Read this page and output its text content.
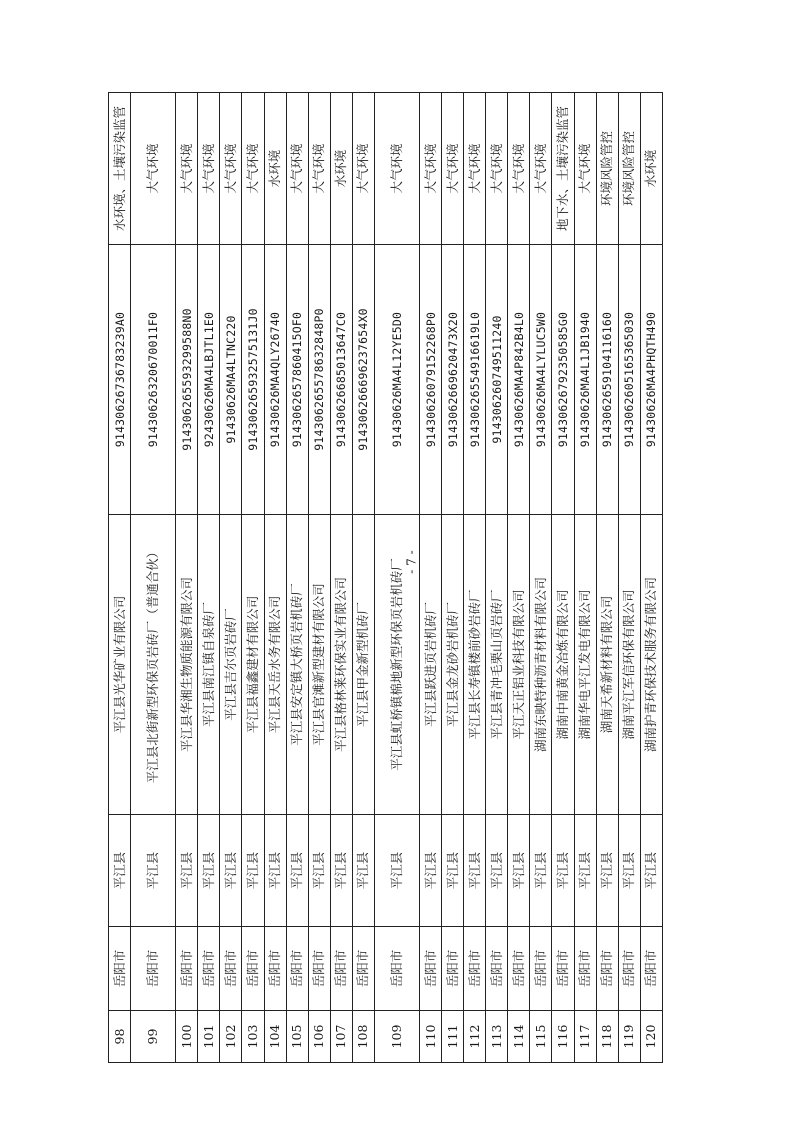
98	岳阳市	平江县	平江县光华矿业有限公司	91430626736783239A0	水环境、土壤污染监管
99	岳阳市	平江县	平江县北街新型环保页岩砖厂（普通合伙）	91430626320670011F0	大气环境
100	岳阳市	平江县	平江县华湘生物质能源有限公司	914306265593299588N0	大气环境
101	岳阳市	平江县	平江县南江镇自泉砖厂	92430626MA4LBJTL1E0	大气环境
102	岳阳市	平江县	平江县吉尔页岩砖厂	91430626MA4LTNC220	大气环境
103	岳阳市	平江县	平江县福鑫建材有限公司	914306265932575131J0	大气环境
104	岳阳市	平江县	平江县天岳水务有限公司	91430626MA4QLY26740	水环境
105	岳阳市	平江县	平江县安定镇大桥页岩机砖厂	9143062657860415OF0	大气环境
106	岳阳市	平江县	平江县官滩新型建材有限公司	914306265578632848P0	大气环境
107	岳阳市	平江县	平江县格林莱环保实业有限公司	91430626685013647C0	水环境
108	岳阳市	平江县	平江县甲金新型机砖厂	914306266696237654X0	大气环境
109	岳阳市	平江县	平江县虹桥镇棉地新型环保页岩机砖厂	91430626MA4L12YE5D0	大气环境
110	岳阳市	平江县	平江县跃进页岩机砖厂	91430626079152268P0	大气环境
111	岳阳市	平江县	平江县金龙砂岩机砖厂	9143062669620473X20	大气环境
112	岳阳市	平江县	平江县长寿镇楼前砂岩砖厂	91430626554916619L0	大气环境
113	岳阳市	平江县	平江县青冲毛栗山页岩砖厂	914306260749511240	大气环境
114	岳阳市	平江县	平江天正铝业科技有限公司	91430626MA4P842B4L0	大气环境
115	岳阳市	平江县	湖南东映特种沥青材料有限公司	91430626MA4LYLUC5W0	大气环境
116	岳阳市	平江县	湖南中南黄金冶炼有限公司	91430626792350585G0	地下水、土壤污染监管
117	岳阳市	平江县	湖南华电平江发电有限公司	91430626MA4L1JB1940	大气环境
118	岳阳市	平江县	湖南天希新材料有限公司	9143062659104116160	环境风险管控
119	岳阳市	平江县	湖南平江军信环保有限公司	9143062605165365030	环境风险管控
120	岳阳市	平江县	湖南护青环保技术服务有限公司	91430626MA4PHQTH490	水环境
- 7 -
